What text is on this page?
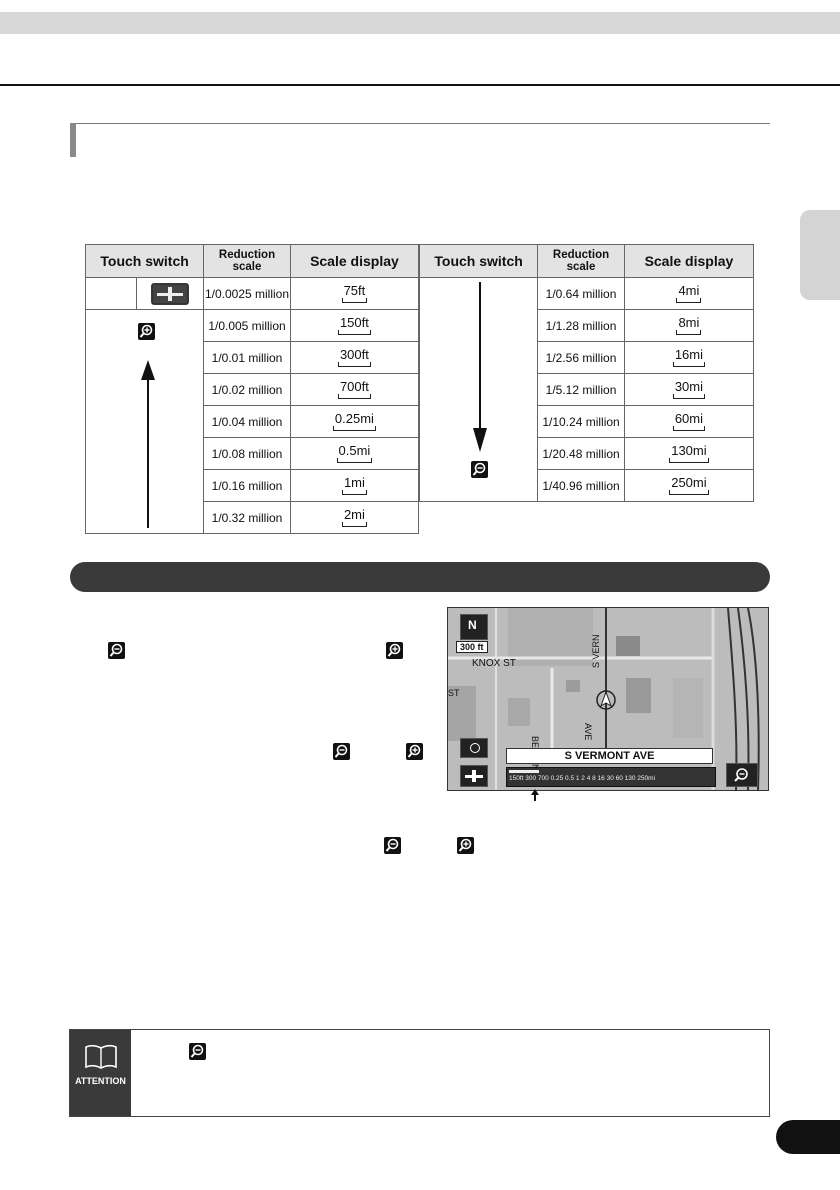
Touch switch		Reduction scale	Scale display
		1/0.0025 million	75ft

	1/0.005 million	150ft
		1/0.01 million	300ft
		1/0.02 million	700ft
		1/0.04 million	0.25mi
		1/0.08 million	0.5mi
		1/0.16 million	1mi
		1/0.32 million	2mi
Touch switch	Reduction scale	Scale display

	1/0.64 million	4mi
	1/1.28 million	8mi
	1/2.56 million	16mi
	1/5.12 million	30mi
	1/10.24 million	60mi
	1/20.48 million	130mi
	1/40.96 million	250mi

N
300 ft
KNOX ST	S VERN
AVE
ST
S VERMONT AVE
150ft 300 700 0.25 0.5 1 2 4 8 16 30 60 130 250mi
ATTENTION
